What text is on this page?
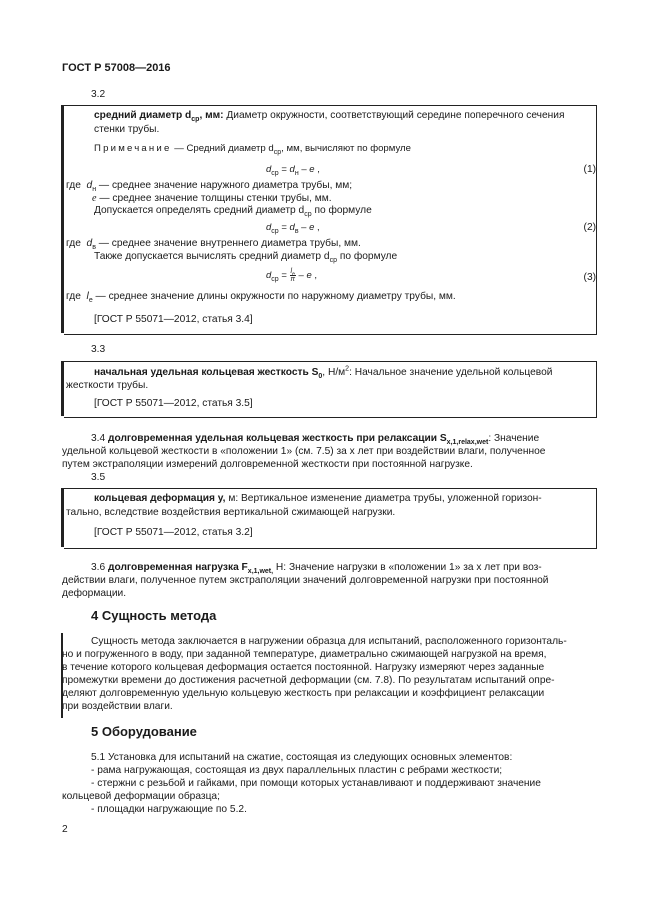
ГОСТ Р 57008—2016
3.2
средний диаметр $d_{ср}$, мм: Диаметр окружности, соответствующий середине поперечного сечения стенки трубы.
Примечание — Средний диаметр $d_{ср}$, мм, вычисляют по формуле
$d_{ср} = d_н - e$ ,	(1)
где $d_н$ — среднее значение наружного диаметра трубы, мм;
e — среднее значение толщины стенки трубы, мм.
Допускается определять средний диаметр $d_{ср}$ по формуле
$d_{ср} = d_в - e$ ,	(2)
где $d_в$ — среднее значение внутреннего диаметра трубы, мм.
Также допускается вычислять средний диаметр $d_{ср}$ по формуле
$d_{ср} = \frac{l_e}{\pi} - e$ ,	(3)
где $l_e$ — среднее значение длины окружности по наружному диаметру трубы, мм.
[ГОСТ Р 55071—2012, статья 3.4]
3.3
начальная удельная кольцевая жесткость $S_0$, $Н/м^2$: Начальное значение удельной кольцевой
жесткости трубы.
[ГОСТ Р 55071—2012, статья 3.5]
3.4 долговременная удельная кольцевая жесткость при релаксации $S_{x,1,relax,wet}$: Значение
удельной кольцевой жесткости в «положении 1» (см. 7.5) за x лет при воздействии влаги, полученное
путем экстраполяции измерений долговременной жесткости при постоянной нагрузке.
3.5
кольцевая деформация y, м: Вертикальное изменение диаметра трубы, уложенной горизон-
тально, вследствие воздействия вертикальной сжимающей нагрузки.
[ГОСТ Р 55071—2012, статья 3.2]
3.6 долговременная нагрузка $F_{x,1,wet,}$ Н: Значение нагрузки в «положении 1» за x лет при воз-
действии влаги, полученное путем экстраполяции значений долговременной нагрузки при постоянной
деформации.
4 Сущность метода
Сущность метода заключается в нагружении образца для испытаний, расположенного горизонталь-
но и погруженного в воду, при заданной температуре, диаметрально сжимающей нагрузкой на время,
в течение которого кольцевая деформация остается постоянной. Нагрузку измеряют через заданные
промежутки времени до достижения расчетной деформации (см. 7.8). По результатам испытаний опре-
деляют долговременную удельную кольцевую жесткость при релаксации и коэффициент релаксации
при воздействии влаги.
5 Оборудование
5.1 Установка для испытаний на сжатие, состоящая из следующих основных элементов:
- рама нагружающая, состоящая из двух параллельных пластин с ребрами жесткости;
- стержни с резьбой и гайками, при помощи которых устанавливают и поддерживают значение
кольцевой деформации образца;
- площадки нагружающие по 5.2.
2
